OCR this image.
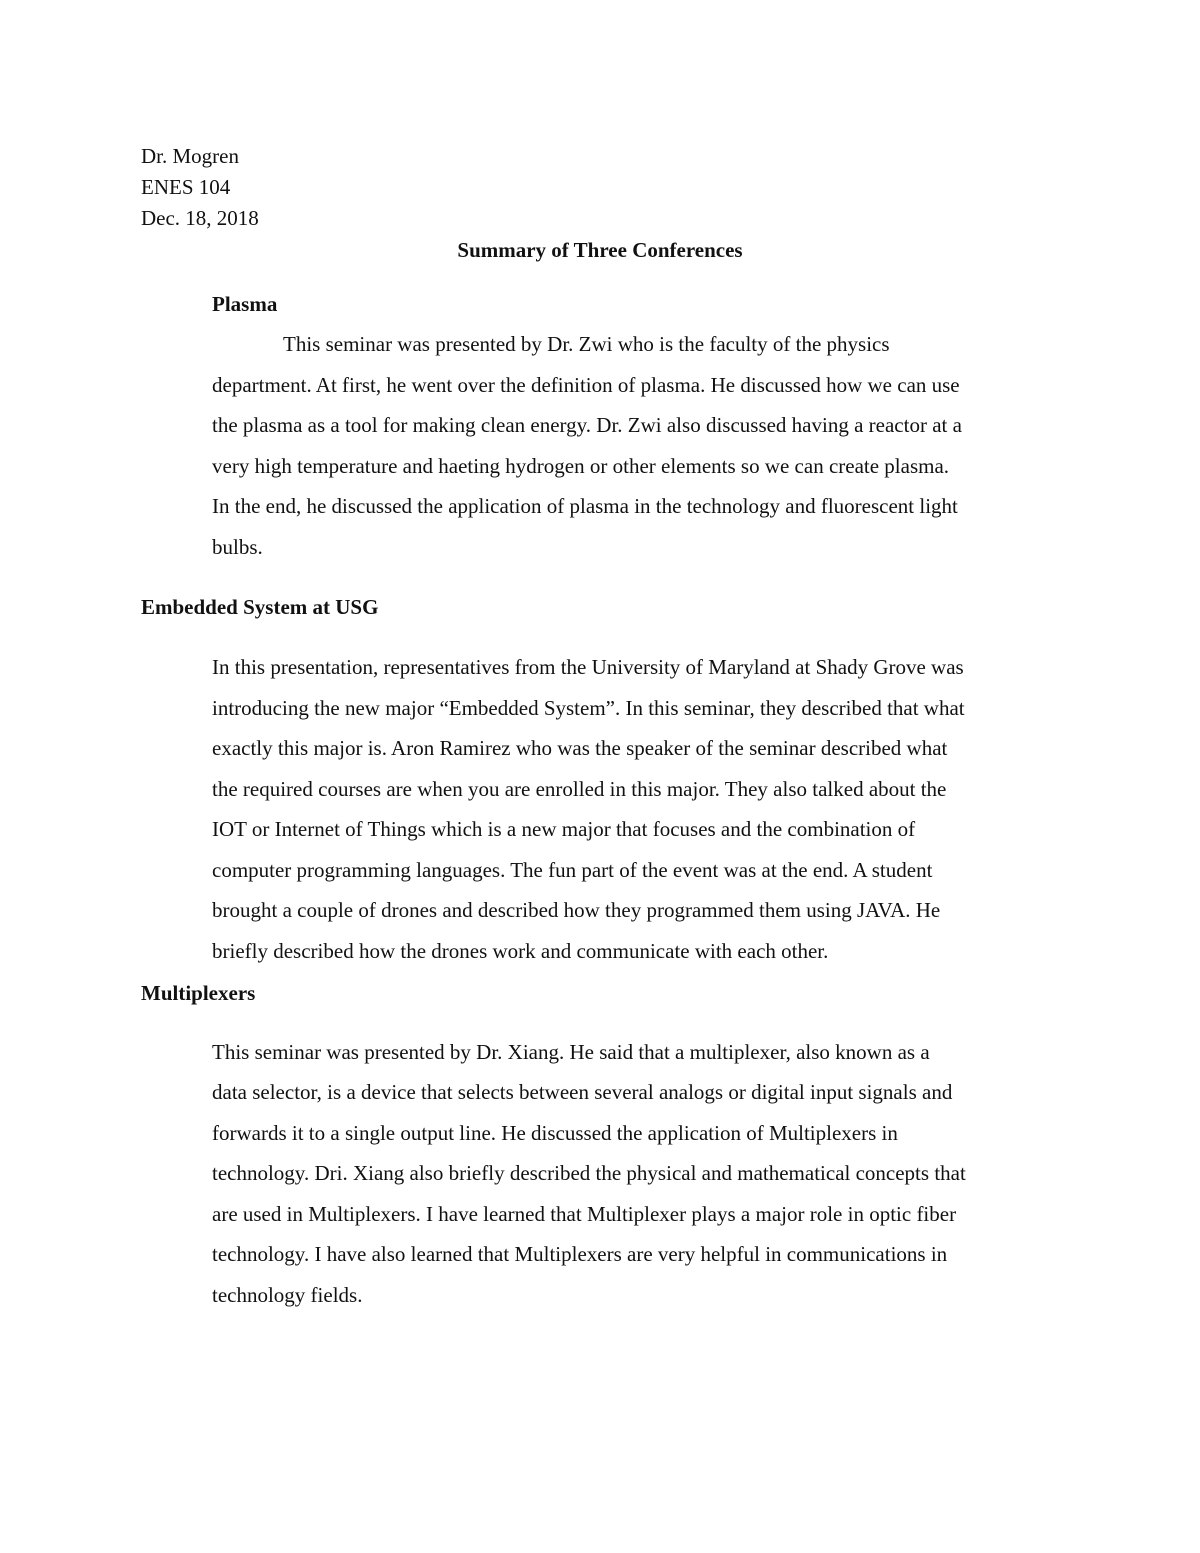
Dr. Mogren
ENES 104
Dec. 18, 2018
Summary of Three Conferences
Plasma
This seminar was presented by Dr. Zwi who is the faculty of the physics
department. At first, he went over the definition of plasma. He discussed how we can use
the plasma as a tool for making clean energy. Dr. Zwi also discussed having a reactor at a
very high temperature and haeting hydrogen or other elements so we can create plasma.
In the end, he discussed the application of plasma in the technology and fluorescent light
bulbs.
Embedded System at USG
In this presentation, representatives from the University of Maryland at Shady Grove was
introducing the new major “Embedded System”. In this seminar, they described that what
exactly this major is. Aron Ramirez who was the speaker of the seminar described what
the required courses are when you are enrolled in this major. They also talked about the
IOT or Internet of Things which is a new major that focuses and the combination of
computer programming languages. The fun part of the event was at the end. A student
brought a couple of drones and described how they programmed them using JAVA. He
briefly described how the drones work and communicate with each other.
Multiplexers
This seminar was presented by Dr. Xiang. He said that a multiplexer, also known as a
data selector, is a device that selects between several analogs or digital input signals and
forwards it to a single output line. He discussed the application of Multiplexers in
technology. Dri. Xiang also briefly described the physical and mathematical concepts that
are used in Multiplexers. I have learned that Multiplexer plays a major role in optic fiber
technology. I have also learned that Multiplexers are very helpful in communications in
technology fields.
